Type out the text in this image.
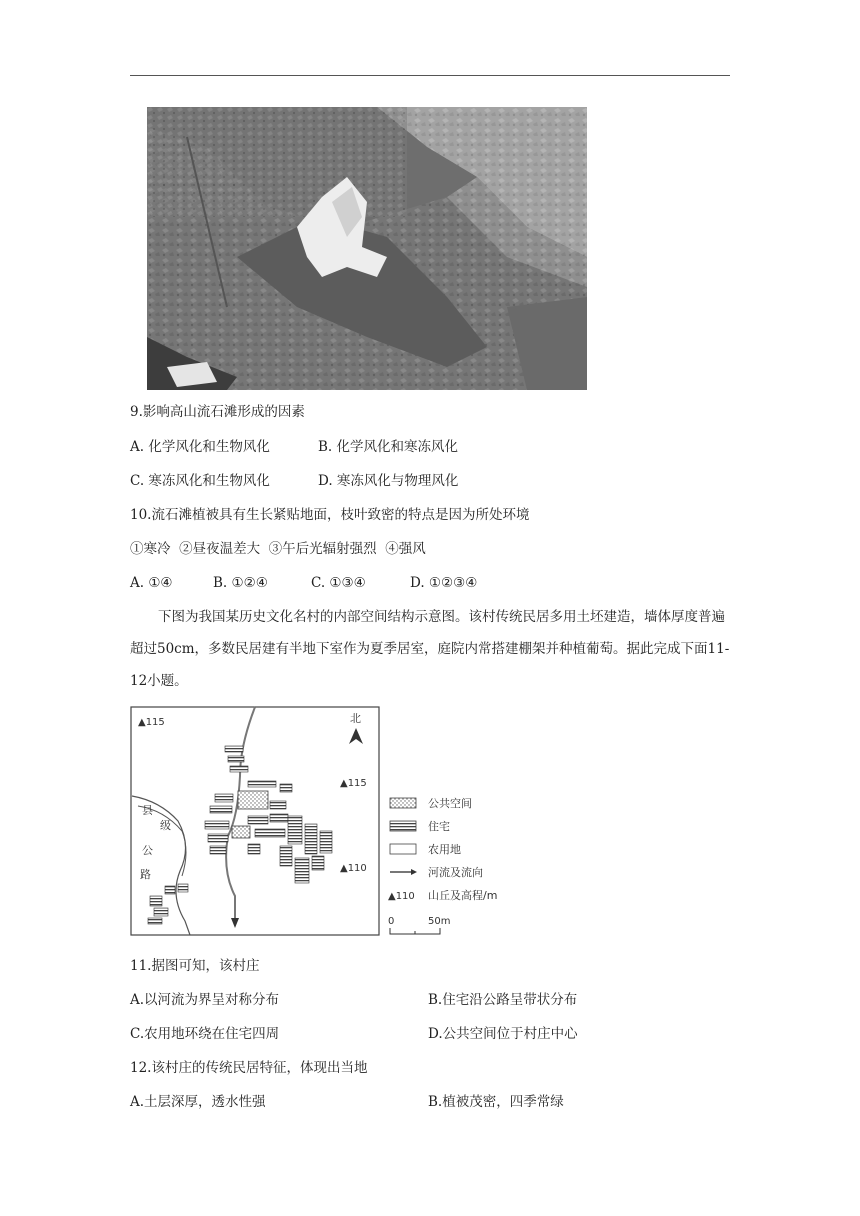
9.影响高山流石滩形成的因素
A. 化学风化和生物风化	B. 化学风化和寒冻风化
C. 寒冻风化和生物风化	D. 寒冻风化与物理风化
10.流石滩植被具有生长紧贴地面，枝叶致密的特点是因为所处环境
①寒冷  ②昼夜温差大  ③午后光辐射强烈  ④强风
A. ①④	B. ①②④	C. ①③④	D. ①②③④
下图为我国某历史文化名村的内部空间结构示意图。该村传统民居多用土坯建造，墙体厚度普遍超过50cm，多数民居建有半地下室作为夏季居室，庭院内常搭建棚架并种植葡萄。据此完成下面11-12小题。
▲115
▲115
▲110
北
县
级
公
路
公共空间
住宅
农用地
河流及流向
▲110 山丘及高程/m
0	50m
11.据图可知，该村庄
A.以河流为界呈对称分布	B.住宅沿公路呈带状分布
C.农用地环绕在住宅四周	D.公共空间位于村庄中心
12.该村庄的传统民居特征，体现出当地
A.土层深厚，透水性强	B.植被茂密，四季常绿
